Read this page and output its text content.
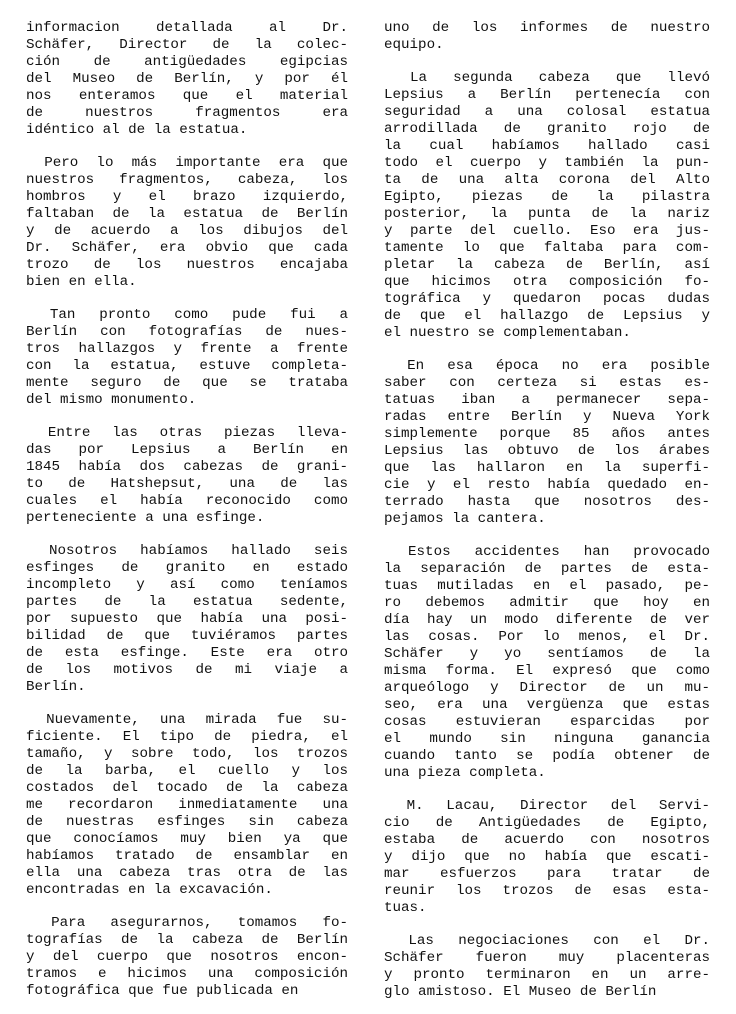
informacion detallada al Dr.
Schäfer, Director de la colec-
ción de antigüedades egipcias
del Museo de Berlín, y por él
nos enteramos que el material
de nuestros fragmentos era
idéntico al de la estatua.
Pero lo más importante era que
nuestros fragmentos, cabeza, los
hombros y el brazo izquierdo,
faltaban de la estatua de Berlín
y de acuerdo a los dibujos del
Dr. Schäfer, era obvio que cada
trozo de los nuestros encajaba
bien en ella.
Tan pronto como pude fui a
Berlín con fotografías de nues-
tros hallazgos y frente a frente
con la estatua, estuve completa-
mente seguro de que se trataba
del mismo monumento.
Entre las otras piezas lleva-
das por Lepsius a Berlín en
1845 había dos cabezas de grani-
to de Hatshepsut, una de las
cuales el había reconocido como
perteneciente a una esfinge.
Nosotros habíamos hallado seis
esfinges de granito en estado
incompleto y así como teníamos
partes de la estatua sedente,
por supuesto que había una posi-
bilidad de que tuviéramos partes
de esta esfinge. Este era otro
de los motivos de mi viaje a
Berlín.
Nuevamente, una mirada fue su-
ficiente. El tipo de piedra, el
tamaño, y sobre todo, los trozos
de la barba, el cuello y los
costados del tocado de la cabeza
me recordaron inmediatamente una
de nuestras esfinges sin cabeza
que conocíamos muy bien ya que
habíamos tratado de ensamblar en
ella una cabeza tras otra de las
encontradas en la excavación.
Para asegurarnos, tomamos fo-
tografías de la cabeza de Berlín
y del cuerpo que nosotros encon-
tramos e hicimos una composición
fotográfica que fue publicada en
uno de los informes de nuestro
equipo.
La segunda cabeza que llevó
Lepsius a Berlín pertenecía con
seguridad a una colosal estatua
arrodillada de granito rojo de
la cual habíamos hallado casi
todo el cuerpo y también la pun-
ta de una alta corona del Alto
Egipto, piezas de la pilastra
posterior, la punta de la nariz
y parte del cuello. Eso era jus-
tamente lo que faltaba para com-
pletar la cabeza de Berlín, así
que hicimos otra composición fo-
tográfica y quedaron pocas dudas
de que el hallazgo de Lepsius y
el nuestro se complementaban.
En esa época no era posible
saber con certeza si estas es-
tatuas iban a permanecer sepa-
radas entre Berlín y Nueva York
simplemente porque 85 años antes
Lepsius las obtuvo de los árabes
que las hallaron en la superfi-
cie y el resto había quedado en-
terrado hasta que nosotros des-
pejamos la cantera.
Estos accidentes han provocado
la separación de partes de esta-
tuas mutiladas en el pasado, pe-
ro debemos admitir que hoy en
día hay un modo diferente de ver
las cosas. Por lo menos, el Dr.
Schäfer y yo sentíamos de la
misma forma. El expresó que como
arqueólogo y Director de un mu-
seo, era una vergüenza que estas
cosas estuvieran esparcidas por
el mundo sin ninguna ganancia
cuando tanto se podía obtener de
una pieza completa.
M. Lacau, Director del Servi-
cio de Antigüedades de Egipto,
estaba de acuerdo con nosotros
y dijo que no había que escati-
mar esfuerzos para tratar de
reunir los trozos de esas esta-
tuas.
Las negociaciones con el Dr.
Schäfer fueron muy placenteras
y pronto terminaron en un arre-
glo amistoso. El Museo de Berlín
